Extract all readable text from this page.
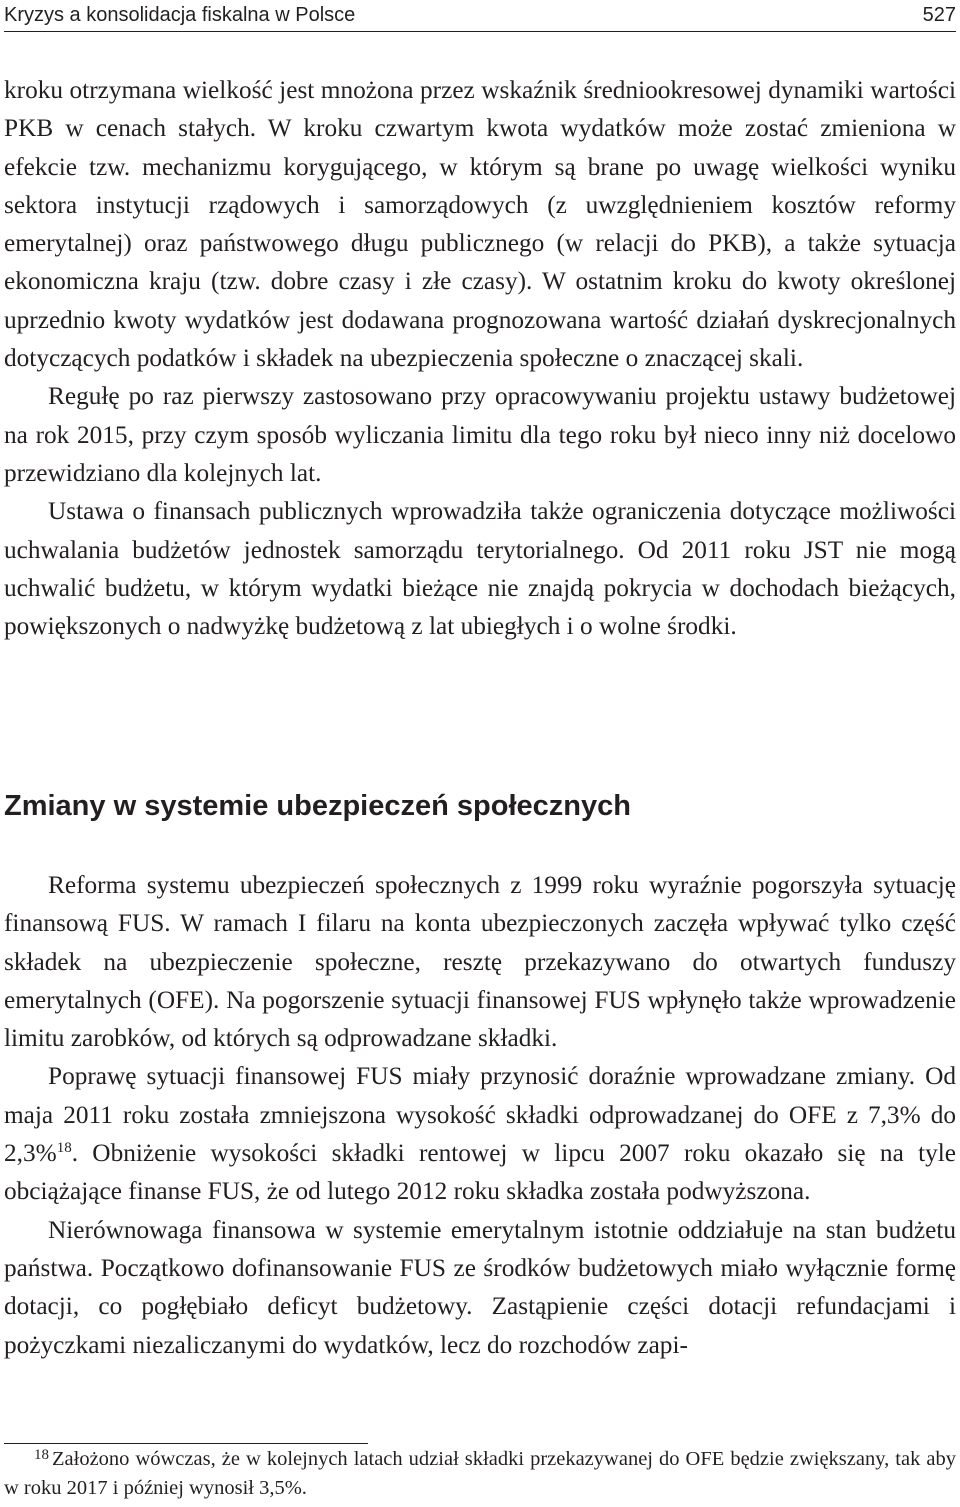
Kryzys a konsolidacja fiskalna w Polsce	527

kroku otrzymana wielkość jest mnożona przez wskaźnik średniookresowej dynamiki wartości PKB w cenach stałych. W kroku czwartym kwota wydatków może zostać zmieniona w efekcie tzw. mechanizmu korygującego, w którym są brane po uwagę wielkości wyniku sektora instytucji rządowych i samorządowych (z uwzględnieniem kosztów reformy emerytalnej) oraz państwowego długu publicznego (w relacji do PKB), a także sytuacja ekonomiczna kraju (tzw. dobre czasy i złe czasy). W ostatnim kroku do kwoty określonej uprzednio kwoty wydatków jest dodawana prognozowana wartość działań dyskrecjonalnych dotyczących podatków i składek na ubezpieczenia społeczne o znaczącej skali.

Regułę po raz pierwszy zastosowano przy opracowywaniu projektu ustawy budżetowej na rok 2015, przy czym sposób wyliczania limitu dla tego roku był nieco inny niż docelowo przewidziano dla kolejnych lat.

Ustawa o finansach publicznych wprowadziła także ograniczenia dotyczące możliwości uchwalania budżetów jednostek samorządu terytorialnego. Od 2011 roku JST nie mogą uchwalić budżetu, w którym wydatki bieżące nie znajdą pokrycia w dochodach bieżących, powiększonych o nadwyżkę budżetową z lat ubiegłych i o wolne środki.

Zmiany w systemie ubezpieczeń społecznych

Reforma systemu ubezpieczeń społecznych z 1999 roku wyraźnie pogorszyła sytuację finansową FUS. W ramach I filaru na konta ubezpieczonych zaczęła wpływać tylko część składek na ubezpieczenie społeczne, resztę przekazywano do otwartych funduszy emerytalnych (OFE). Na pogorszenie sytuacji finansowej FUS wpłynęło także wprowadzenie limitu zarobków, od których są odprowadzane składki.

Poprawę sytuacji finansowej FUS miały przynosić doraźnie wprowadzane zmiany. Od maja 2011 roku została zmniejszona wysokość składki odprowadzanej do OFE z 7,3% do 2,3%$^{18}$. Obniżenie wysokości składki rentowej w lipcu 2007 roku okazało się na tyle obciążające finanse FUS, że od lutego 2012 roku składka została podwyższona.

Nierównowaga finansowa w systemie emerytalnym istotnie oddziałuje na stan budżetu państwa. Początkowo dofinansowanie FUS ze środków budżetowych miało wyłącznie formę dotacji, co pogłębiało deficyt budżetowy. Zastąpienie części dotacji refundacjami i pożyczkami niezaliczanymi do wydatków, lecz do rozchodów zapi-

18 Założono wówczas, że w kolejnych latach udział składki przekazywanej do OFE będzie zwiększany, tak aby w roku 2017 i później wynosił 3,5%.
